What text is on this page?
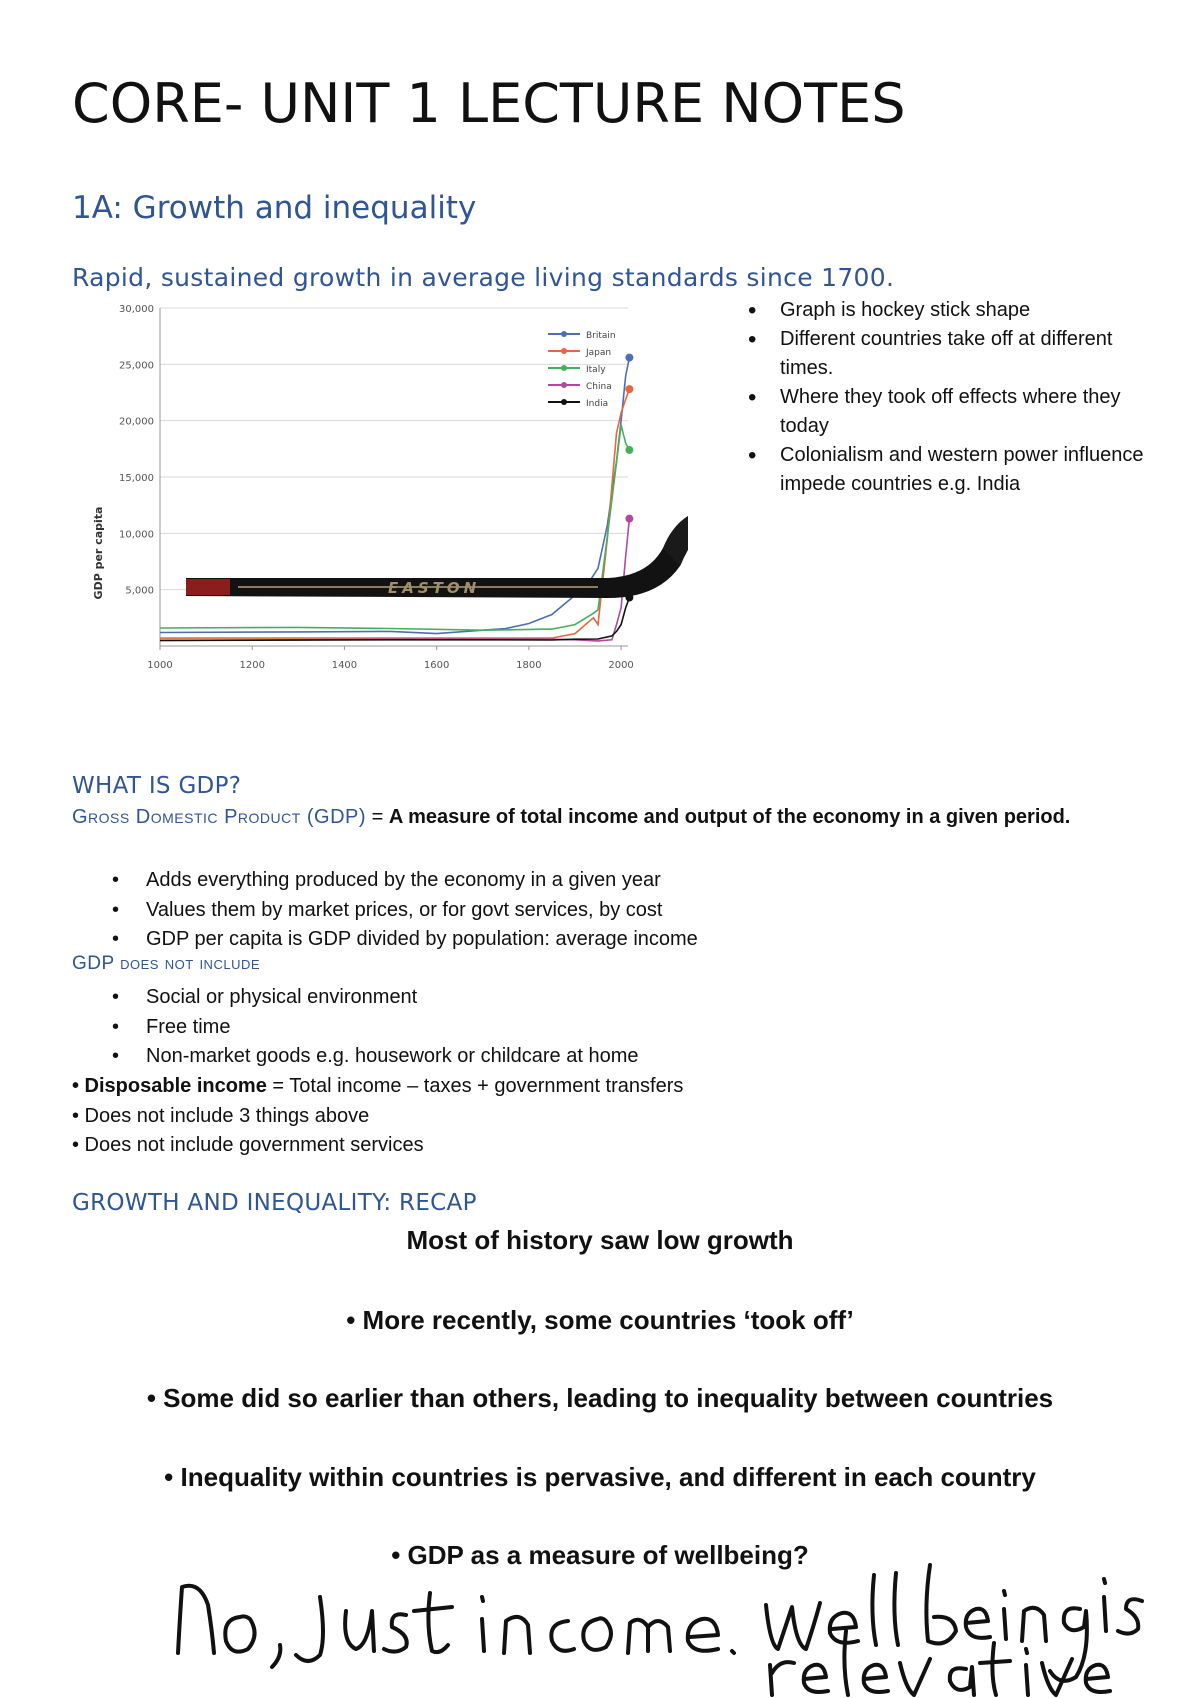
CORE- UNIT 1 LECTURE NOTES
1A: Growth and inequality
Rapid, sustained growth in average living standards since 1700.
5,000
10,000
15,000
20,000
25,000
30,000
1000	1200	1400	1600	1800	2000
EASTON
Britain
Japan
Italy
China
India
GDP per capita
• Graph is hockey stick shape
• Different countries take off at different times.
• Where they took off effects where they today
• Colonialism and western power influence impede countries e.g. India
WHAT IS GDP?
Gross Domestic Product (GDP) = A measure of total income and output of the economy in a given period.
• Adds everything produced by the economy in a given year
• Values them by market prices, or for govt services, by cost
• GDP per capita is GDP divided by population: average income
GDP does not include
• Social or physical environment
• Free time
• Non-market goods e.g. housework or childcare at home
• Disposable income = Total income – taxes + government transfers
• Does not include 3 things above
• Does not include government services
GROWTH AND INEQUALITY: RECAP
Most of history saw low growth
• More recently, some countries ‘took off’
• Some did so earlier than others, leading to inequality between countries
• Inequality within countries is pervasive, and different in each country
• GDP as a measure of wellbeing?
